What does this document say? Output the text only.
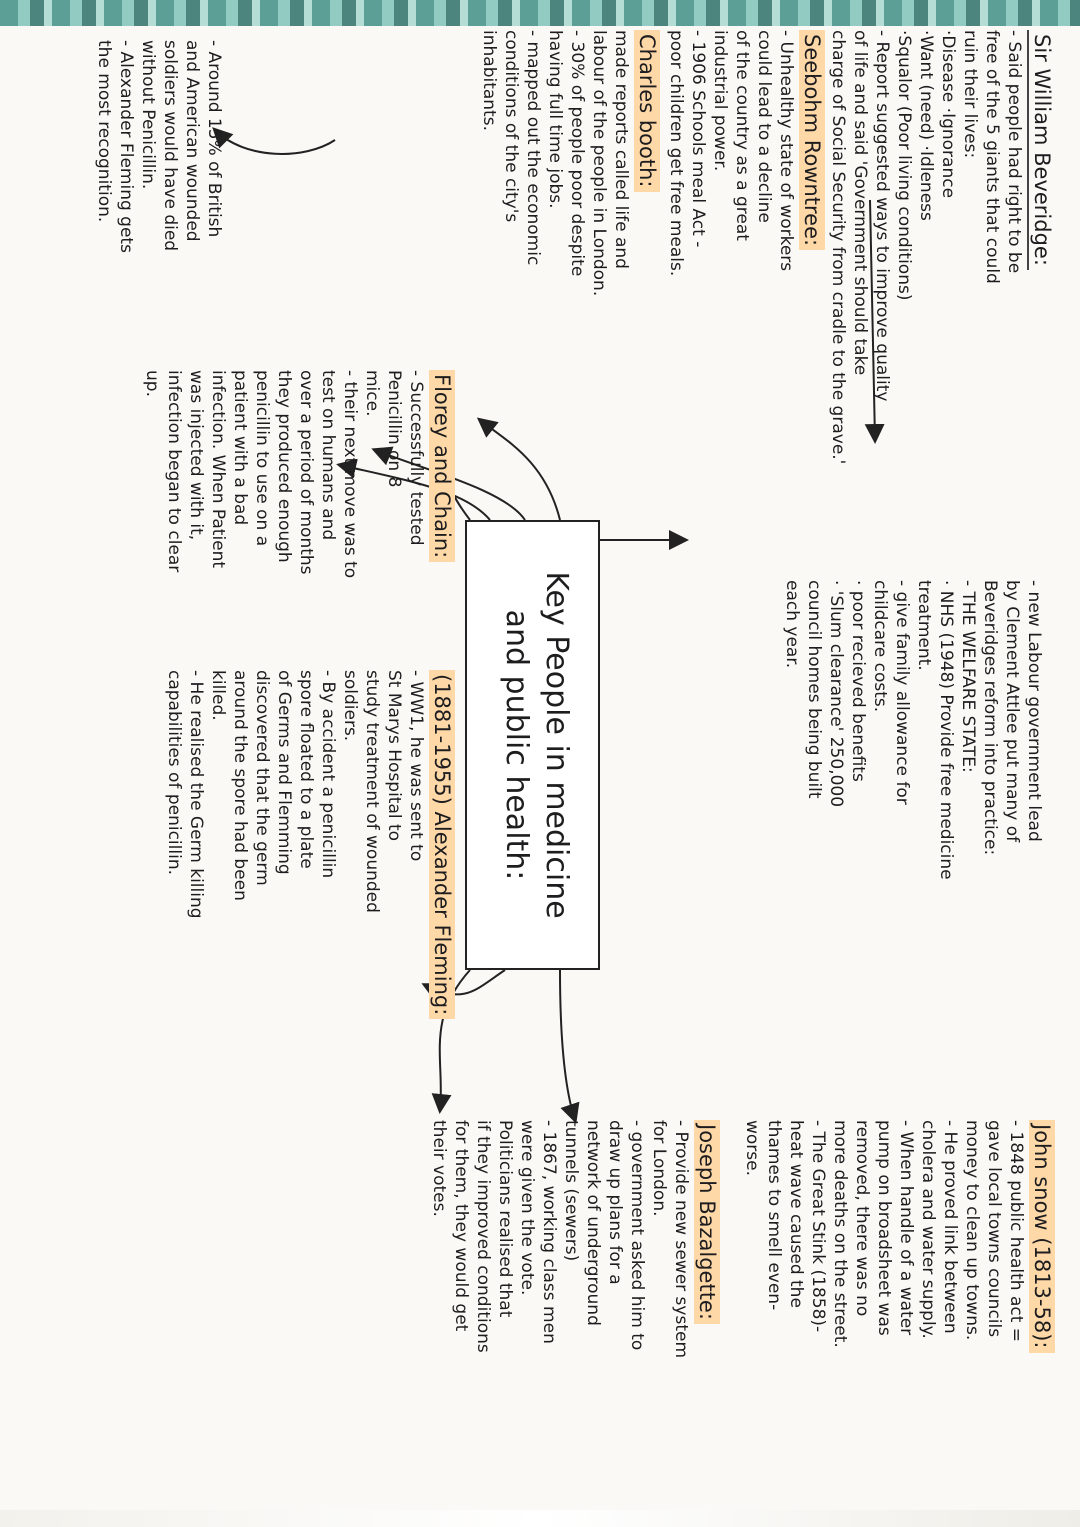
Key People in medicine
and public health:
Sir William Beveridge:
- Said people had right to be
free of the 5 giants that could
ruin their lives:
·Disease ·Ignorance
·Want (need) ·Idleness
·Squalor (Poor living conditions)
- Report suggested ways to improve quality
of life and said 'Government should take
charge of Social Security from cradle to the grave.'
Seebohm Rowntree:
- Unhealthy state of workers
could lead to a decline
of the country as a great
industrial power.
- 1906 Schools meal Act -
poor children get free meals.
Charles booth:
made reports called life and
labour of the people in London.
- 30% of people poor despite
having full time jobs.
- mapped out the economic
conditions of the city's
inhabitants.
- Around 15% of British
and American wounded
soldiers would have died
without Penicillin.
- Alexander Fleming gets
the most recognition.
Florey and Chain:
- Successfully tested
Penicillin on 8
mice.
- their next move was to
test on humans and
over a period of months
they produced enough
penicillin to use on a
patient with a bad
infection. When Patient
was injected with it,
infection began to clear
up.
- new Labour government lead
by Clement Attlee put many of
Beveridges reform into practice:
- THE WELFARE STATE:
· NHS (1948) Provide free medicine
treatment.
- give family allowance for
childcare costs.
· poor recieved benefits
· 'Slum clearance' 250,000
council homes being built
each year.
(1881-1955) Alexander Fleming:
- WW1, he was sent to
St Marys Hospital to
study treatment of wounded
soldiers.
- By accident a penicillin
spore floated to a plate
of Germs and Flemming
discovered that the germ
around the spore had been
killed.
- He realised the Germ killing
capabilities of penicillin.
John snow (1813-58):
- 1848 public health act =
gave local towns councils
money to clean up towns.
- He proved link between
cholera and water supply.
- When handle of a water
pump on broadsheet was
removed, there was no
more deaths on the street.
- The Great Stink (1858)-
heat wave caused the
thames to smell even-
worse.
Joseph Bazalgette:
- Provide new sewer system
for London.
- government asked him to
draw up plans for a
network of underground
tunnels (sewers)
- 1867, working class men
were given the vote.
Politicians realised that
if they improved conditions
for them, they would get
their votes.
